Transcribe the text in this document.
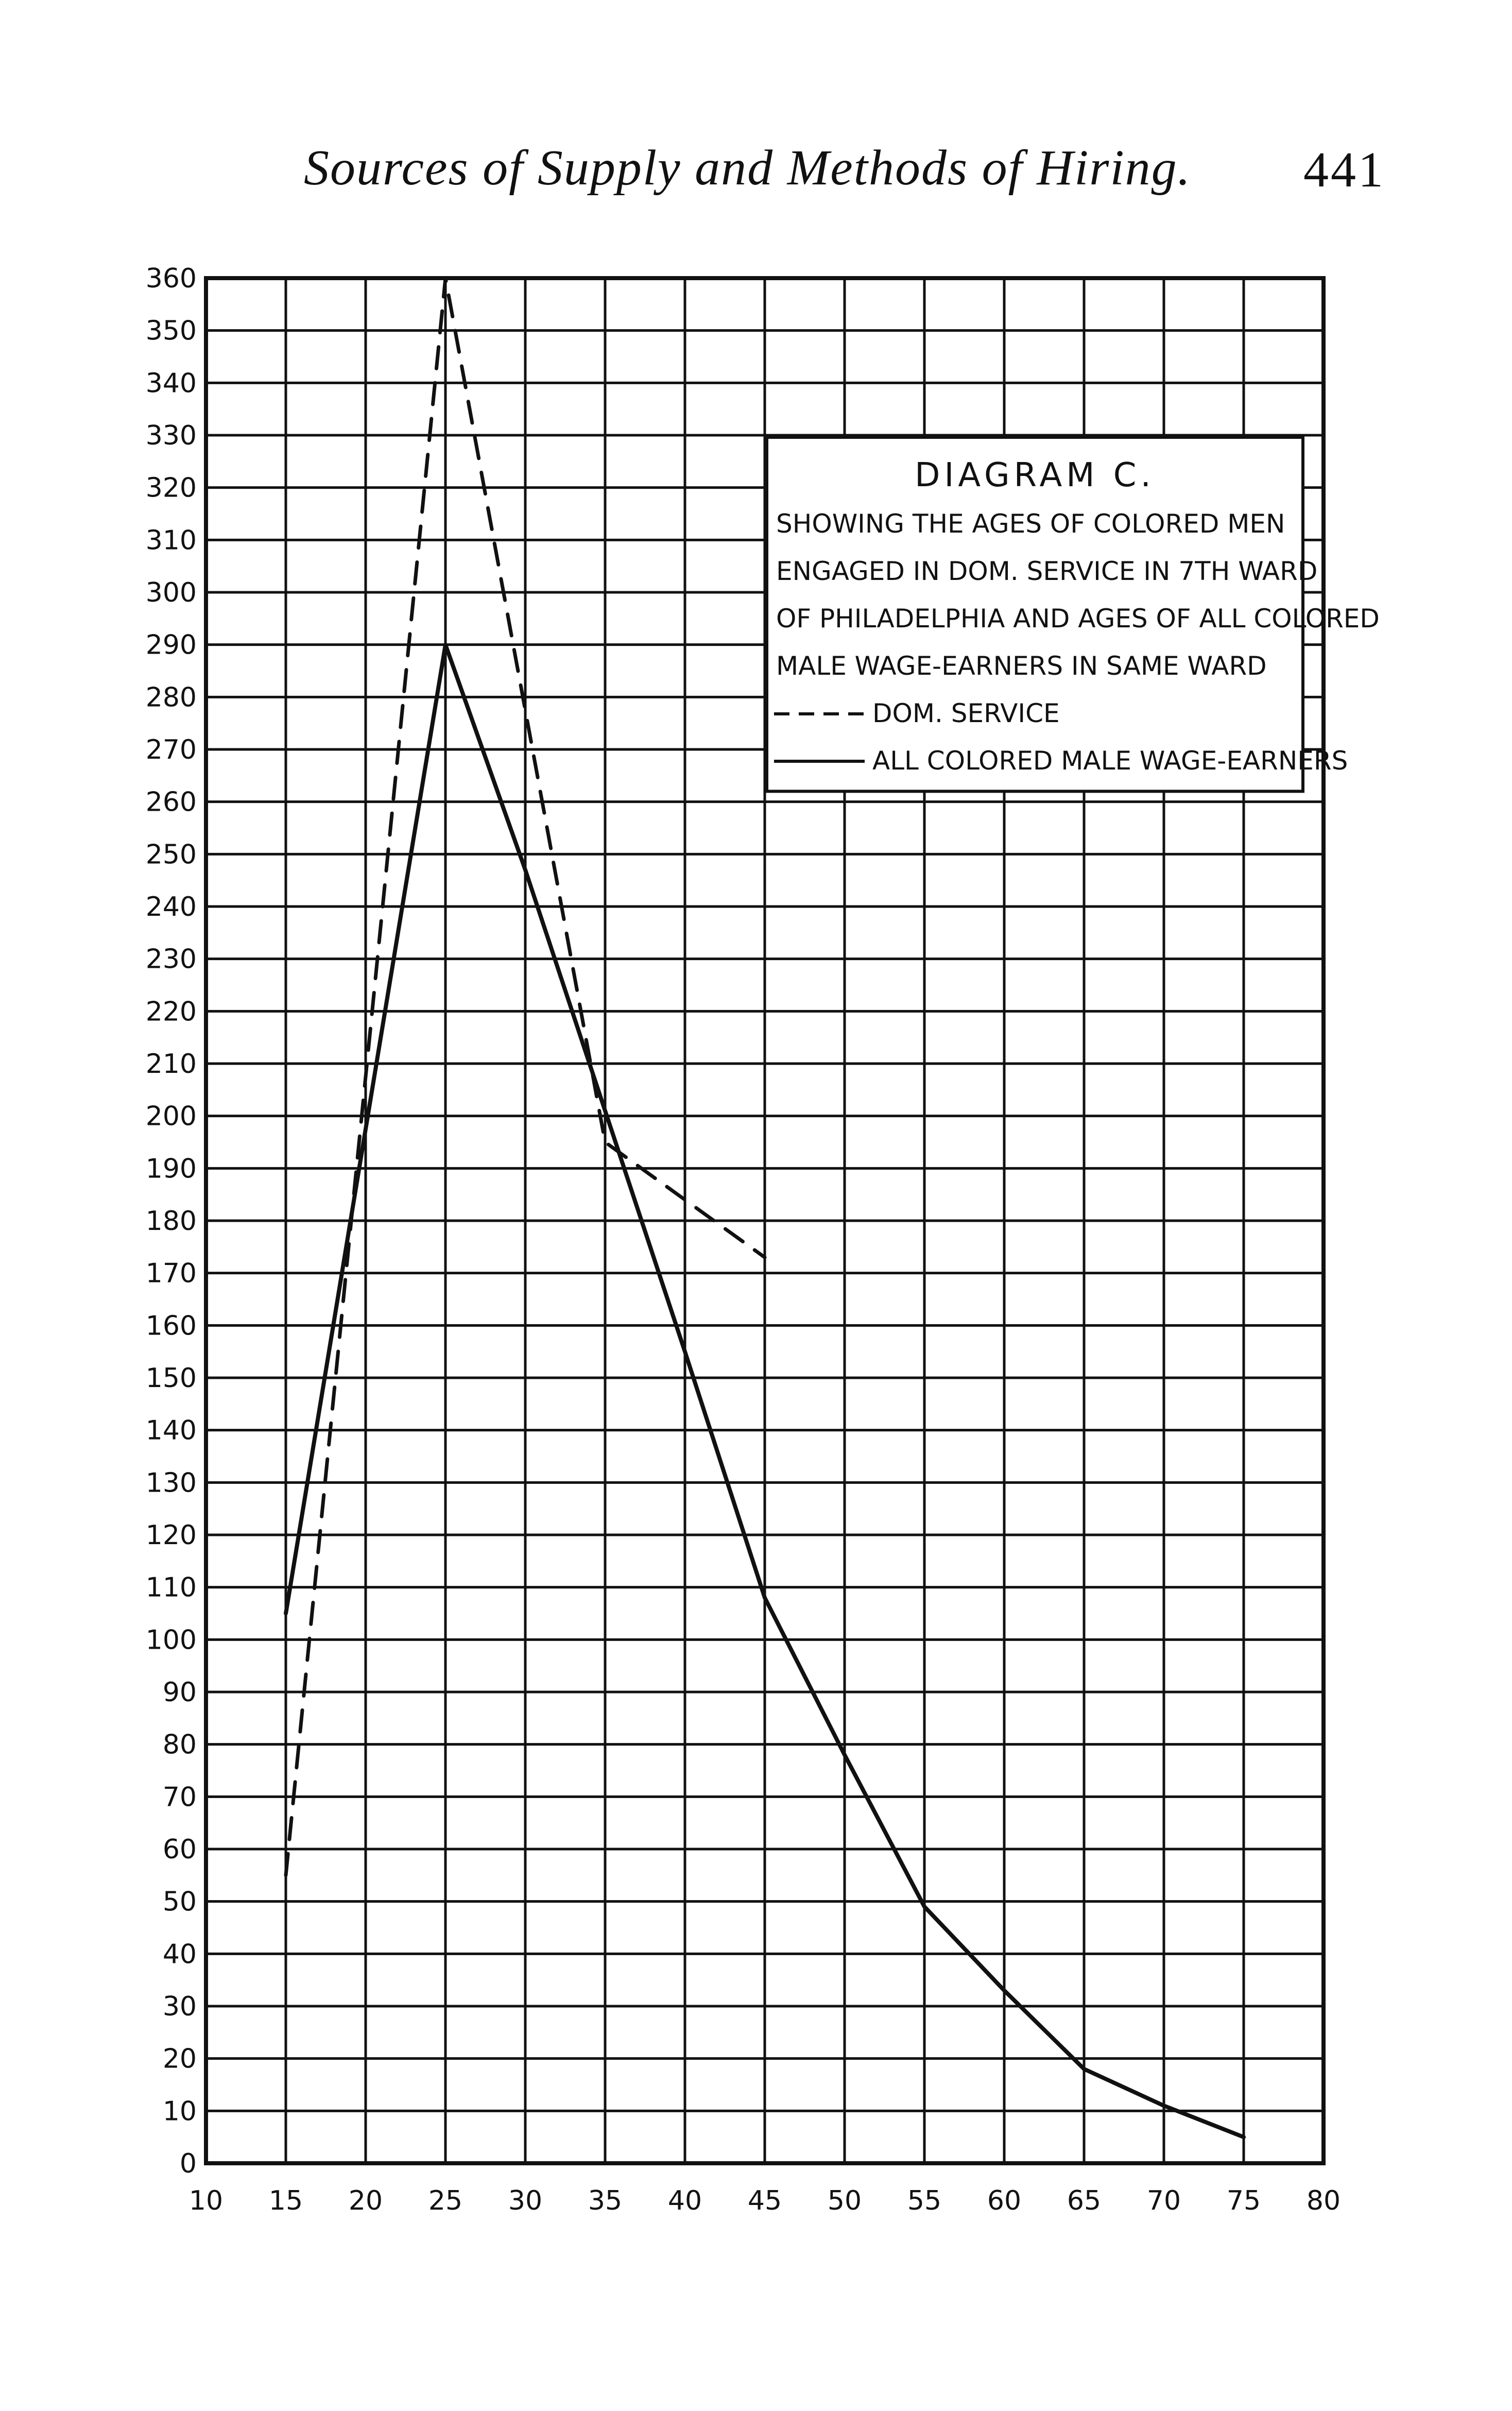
Sources of Supply and Methods of Hiring. 441
0
10
20
30
40
50
60
70
80
90
100
110
120
130
140
150
160
170
180
190
200
210
220
230
240
250
260
270
280
290
300
310
320
330
340
350
360
10 15 20 25 30 35 40 45 50 55 60 65 70 75 80
DIAGRAM C.
SHOWING THE AGES OF COLORED MEN
ENGAGED IN DOM. SERVICE IN 7TH WARD
OF PHILADELPHIA AND AGES OF ALL COLORED
MALE WAGE-EARNERS IN SAME WARD
DOM. SERVICE
ALL COLORED MALE WAGE-EARNERS
